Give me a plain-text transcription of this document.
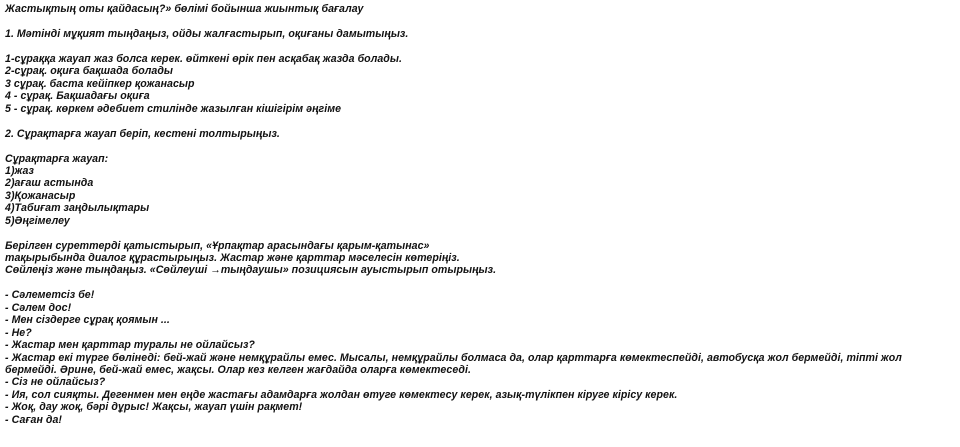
Жастықтың оты қайдасың?» бөлімі бойынша жиынтық бағалау
1. Мәтінді мұқият тыңдаңыз, ойды жалғастырып, оқиғаны дамытыңыз.
1-сұраққа жауап жаз болса керек. өйткені өрік пен асқабақ жазда болады.
2-сұрақ. оқиға бақшада болады
3 сұрақ. баста кейіпкер қожанасыр
4 - сұрақ. Бақшадағы оқиға
5 - сұрақ. көркем әдебиет стилінде жазылған кішігірім әңгіме
2. Сұрақтарға жауап беріп, кестені толтырыңыз.
Сұрақтарға жауап:
1)жаз
2)ағаш астында
3)Қожанасыр
4)Табиғат заңдылықтары
5)Әңгімелеу
Берілген суреттерді қатыстырып, «Ұрпақтар арасындағы қарым-қатынас»
тақырыбында диалог құрастырыңыз. Жастар және қарттар мәселесін көтеріңіз.
Сөйлеңіз және тыңдаңыз. «Сөйлеуші →тыңдаушы» позициясын ауыстырып отырыңыз.
- Сәлеметсіз бе!
- Сәлем дос!
- Мен сіздерге сұрақ қоямын ...
- Не?
- Жастар мен қарттар туралы не ойлайсыз?
- Жастар екі түрге бөлінеді: бей-жай және немқұрайлы емес. Мысалы, немқұрайлы болмаса да, олар қарттарға көмектеспейді, автобусқа жол бермейді, тіпті жол
бермейді. Әрине, бей-жай емес, жақсы. Олар кез келген жағдайда оларға көмектеседі.
- Сіз не ойлайсыз?
- Ия, сол сияқты. Дегенмен мен еңде жастағы адамдарға жолдан өтуге көмектесу керек, азық-түлікпен кіруге кірісу керек.
- Жоқ, дау жоқ, бәрі дұрыс! Жақсы, жауап үшін рақмет!
- Саған да!
